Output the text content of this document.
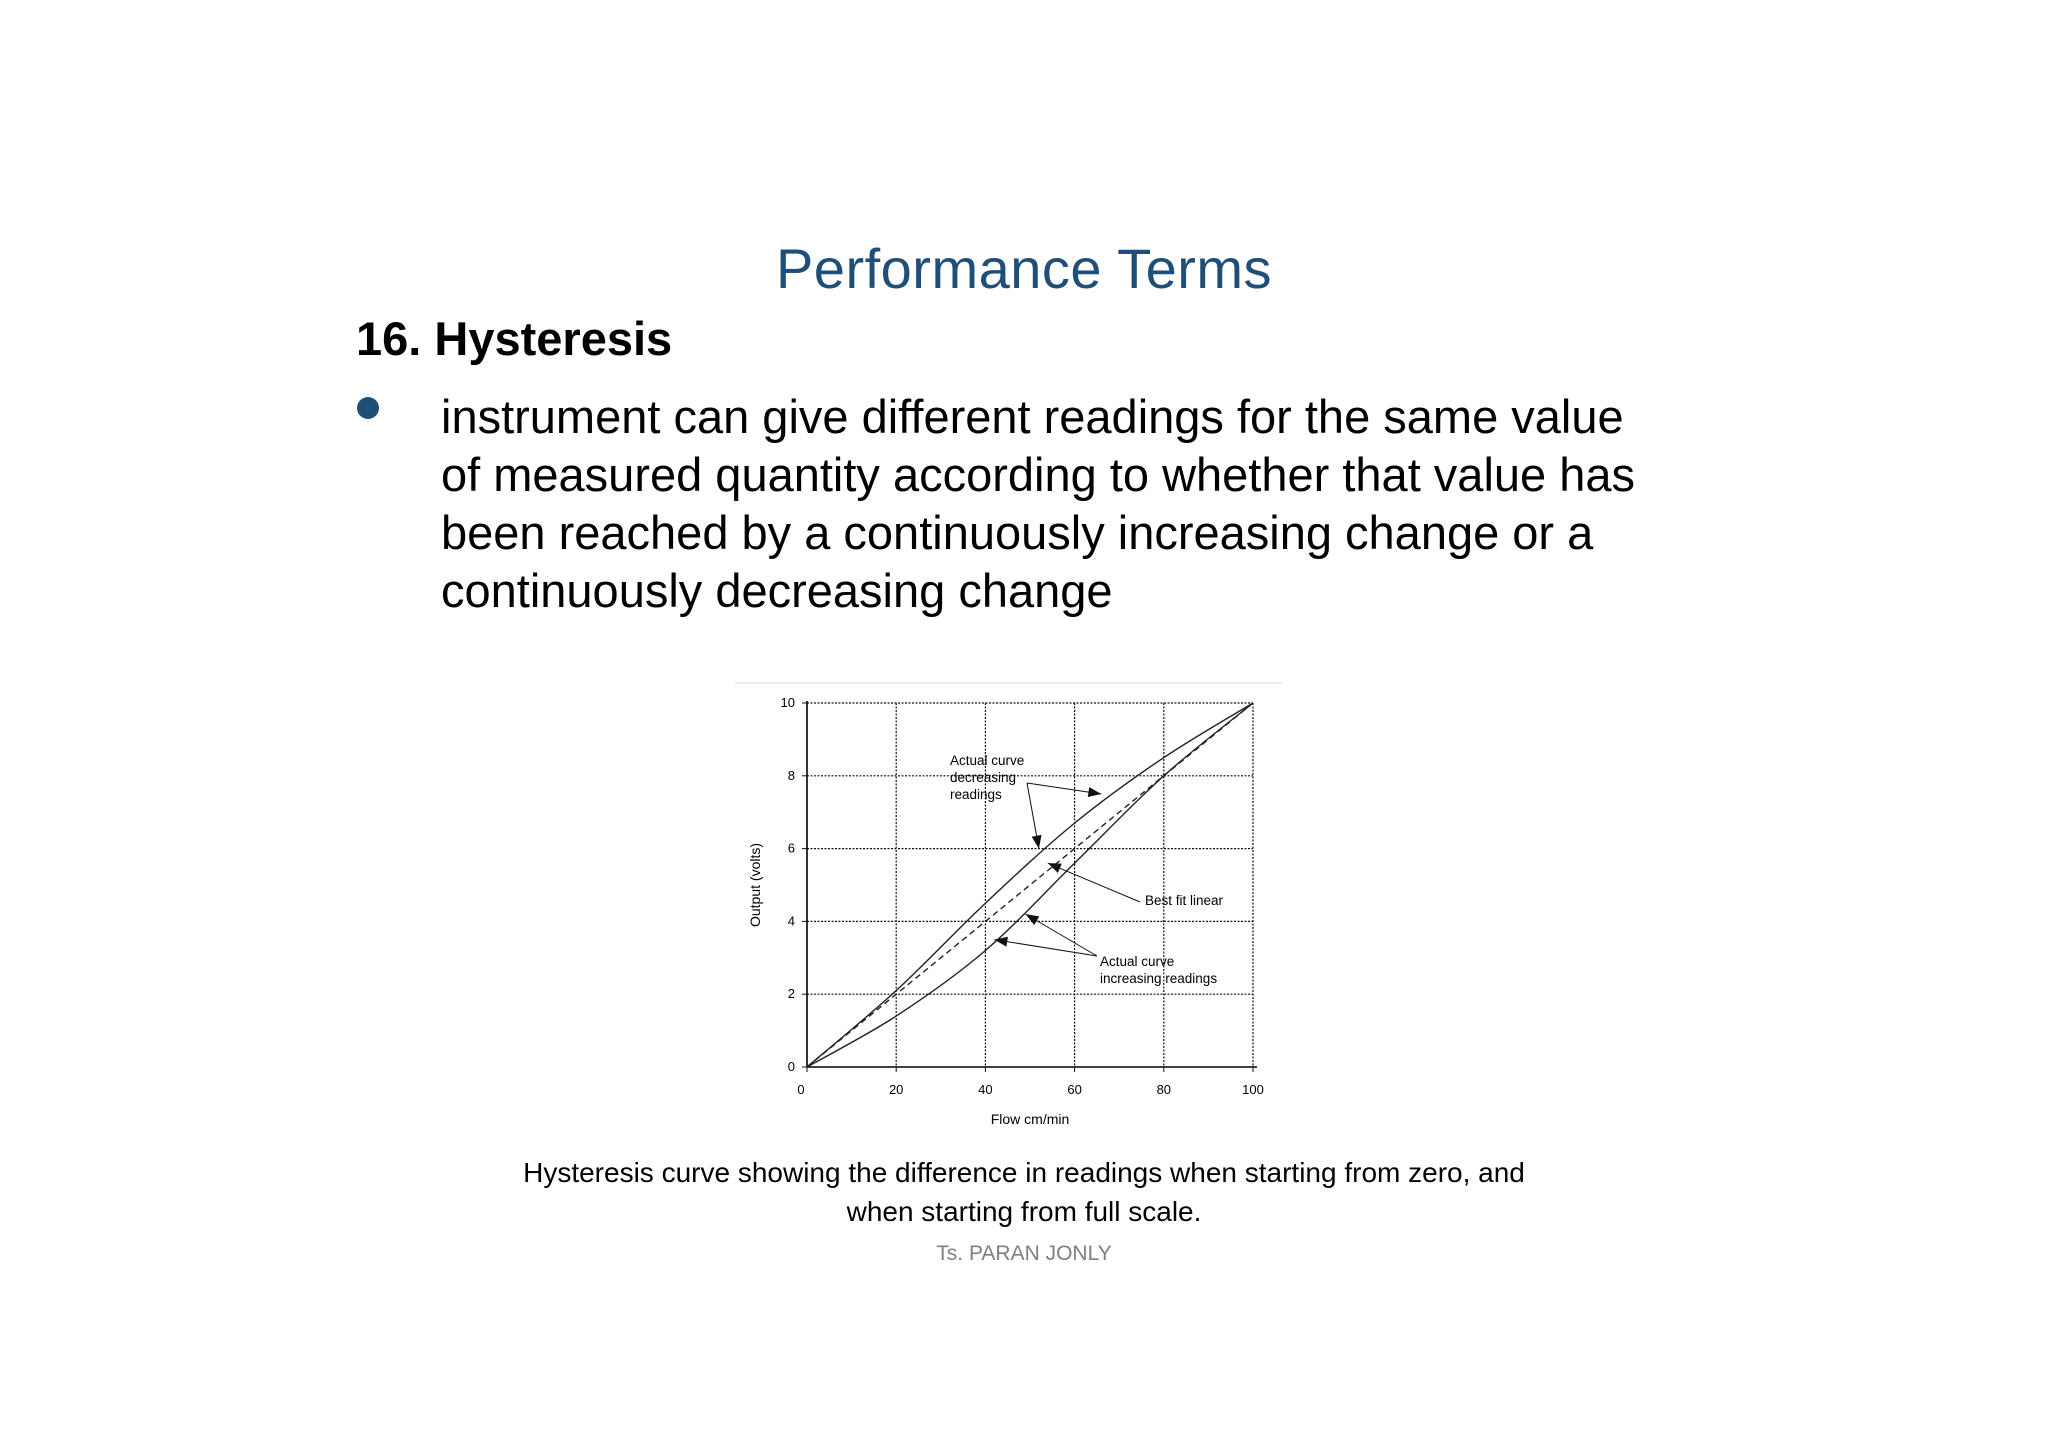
Performance Terms
16. Hysteresis
instrument can give different readings for the same value
of measured quantity according to whether that value has
been reached by a continuously increasing change or a
continuously decreasing change
0	20	40	60	80	100
0
2
4
6
8
10
Actual curve
decreasing
readings
Best fit linear
Actual curve
increasing readings
Flow cm/min
Output (volts)
Hysteresis curve showing the difference in readings when starting from zero, and
when starting from full scale.
Ts. PARAN JONLY
